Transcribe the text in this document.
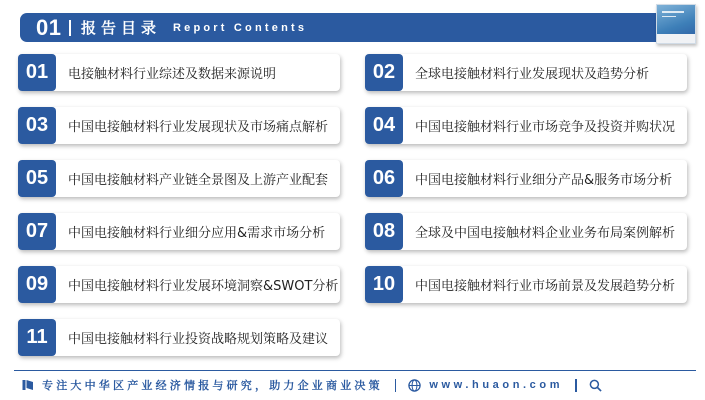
01 报告目录 Report Contents
01	电接触材料行业综述及数据来源说明	02	全球电接触材料行业发展现状及趋势分析
03	中国电接触材料行业发展现状及市场痛点解析	04	中国电接触材料行业市场竞争及投资并购状况
05	中国电接触材料产业链全景图及上游产业配套	06	中国电接触材料行业细分产品&服务市场分析
07	中国电接触材料行业细分应用&需求市场分析	08	全球及中国电接触材料企业业务布局案例解析
09	中国电接触材料行业发展环境洞察&SWOT分析	10	中国电接触材料行业市场前景及发展趋势分析
11	中国电接触材料行业投资战略规划策略及建议
专注大中华区产业经济情报与研究，助力企业商业决策	www.huaon.com
